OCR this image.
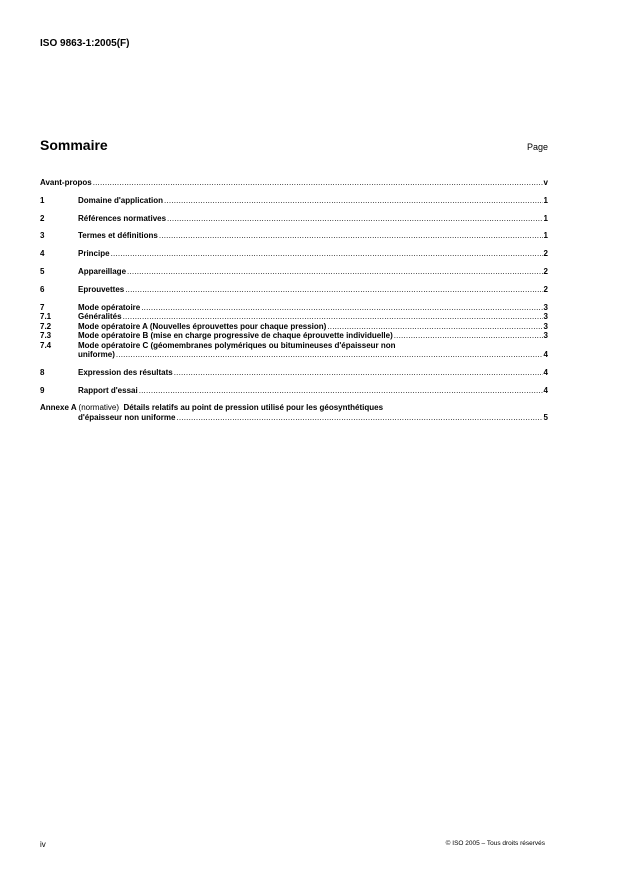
ISO 9863-1:2005(F)
Sommaire	Page
Avant-propos .....	v
1	Domaine d'application .....	1
2	Références normatives .....	1
3	Termes et définitions .....	1
4	Principe .....	2
5	Appareillage .....	2
6	Eprouvettes .....	2
7	Mode opératoire .....	3
7.1	Généralités .....	3
7.2	Mode opératoire A (Nouvelles éprouvettes pour chaque pression) .....	3
7.3	Mode opératoire B (mise en charge progressive de chaque éprouvette individuelle) .....	3
7.4	Mode opératoire C (géomembranes polymériques ou bitumineuses d'épaisseur non
uniforme) .....	4
8	Expression des résultats .....	4
9	Rapport d'essai .....	4
Annexe A (normative) Détails relatifs au point de pression utilisé pour les géosynthétiques
d'épaisseur non uniforme .....	5
iv	© ISO 2005 – Tous droits réservés
